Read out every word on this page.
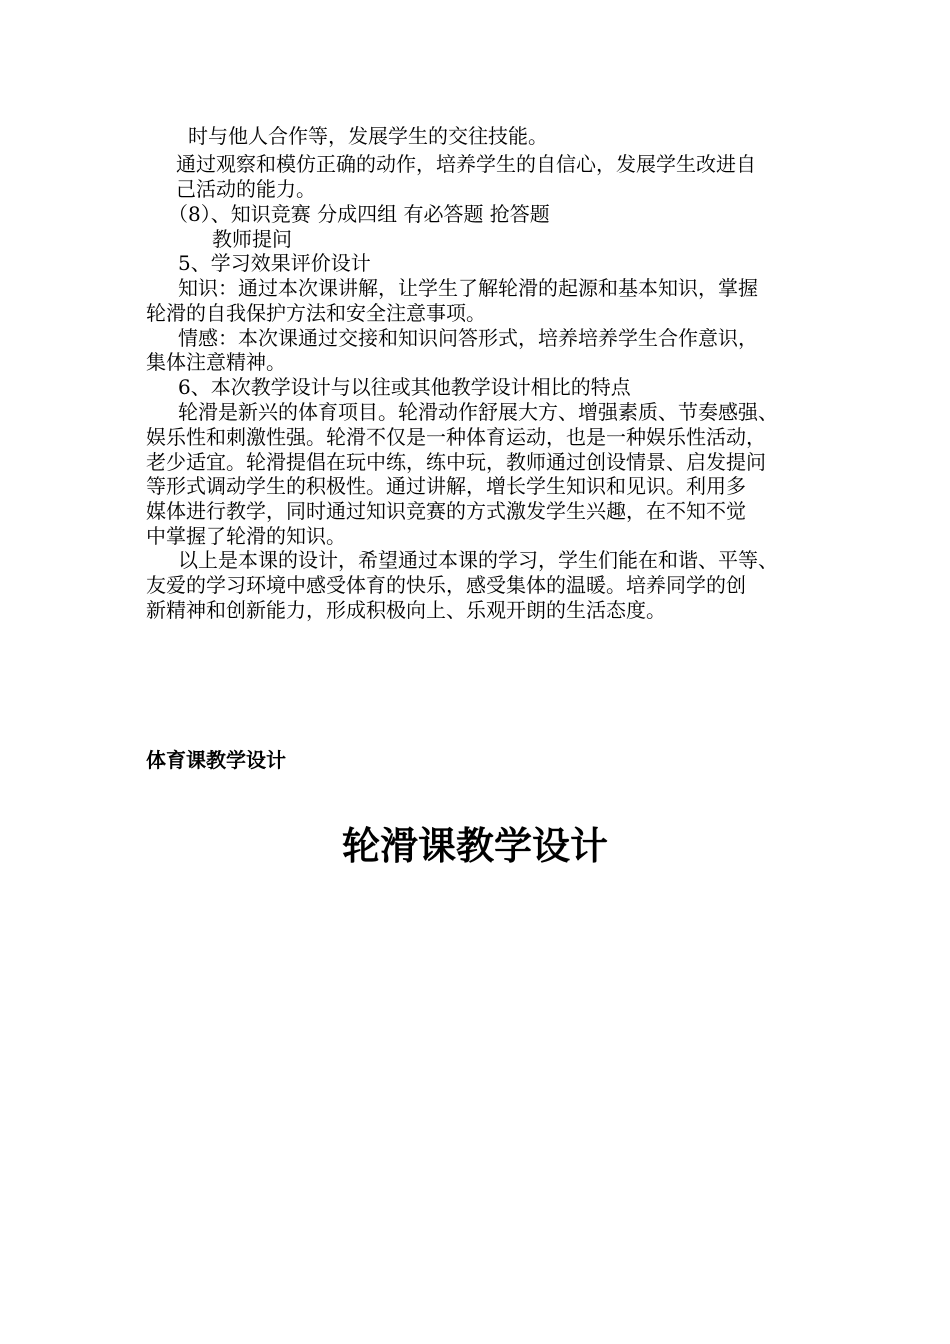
时与他人合作等，发展学生的交往技能。
通过观察和模仿正确的动作，培养学生的自信心，发展学生改进自
己活动的能力。
（8）、知识竞赛 分成四组 有必答题 抢答题
教师提问
5、学习效果评价设计
知识：通过本次课讲解，让学生了解轮滑的起源和基本知识，掌握
轮滑的自我保护方法和安全注意事项。
情感：本次课通过交接和知识问答形式，培养培养学生合作意识，
集体注意精神。
6、本次教学设计与以往或其他教学设计相比的特点
轮滑是新兴的体育项目。轮滑动作舒展大方、增强素质、节奏感强、
娱乐性和刺激性强。轮滑不仅是一种体育运动，也是一种娱乐性活动，
老少适宜。轮滑提倡在玩中练，练中玩，教师通过创设情景、启发提问
等形式调动学生的积极性。通过讲解，增长学生知识和见识。利用多
媒体进行教学，同时通过知识竞赛的方式激发学生兴趣，在不知不觉
中掌握了轮滑的知识。
以上是本课的设计，希望通过本课的学习，学生们能在和谐、平等、
友爱的学习环境中感受体育的快乐，感受集体的温暖。培养同学的创
新精神和创新能力，形成积极向上、乐观开朗的生活态度。
体育课教学设计
轮滑课教学设计
